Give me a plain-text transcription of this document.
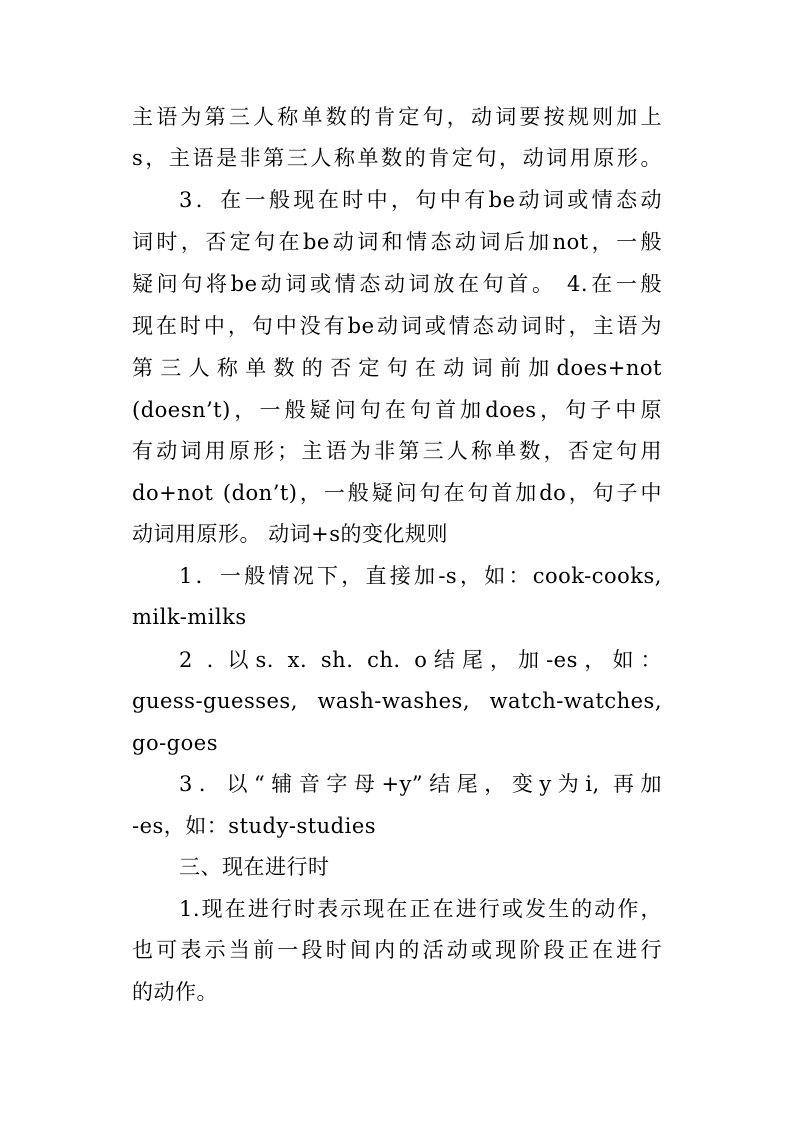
主语为第三人称单数的肯定句，动词要按规则加上
s，主语是非第三人称单数的肯定句，动词用原形。
3．在一般现在时中，句中有be动词或情态动
词时，否定句在be动词和情态动词后加not，一般
疑问句将be动词或情态动词放在句首。 4.在一般
现在时中，句中没有be动词或情态动词时，主语为
第三人称单数的否定句在动词前加does+not
(doesn’t)，一般疑问句在句首加does，句子中原
有动词用原形；主语为非第三人称单数，否定句用
do+not (don’t)，一般疑问句在句首加do，句子中
动词用原形。 动词+s的变化规则
1．一般情况下，直接加-s，如：cook-cooks,
milk-milks
2 . 以s. x. sh. ch. o结尾，加-es，如：
guess-guesses, wash-washes, watch-watches,
go-goes
3．以“辅音字母+y”结尾，变y为i, 再加
-es，如：study-studies
三、现在进行时
1.现在进行时表示现在正在进行或发生的动作，
也可表示当前一段时间内的活动或现阶段正在进行
的动作。
